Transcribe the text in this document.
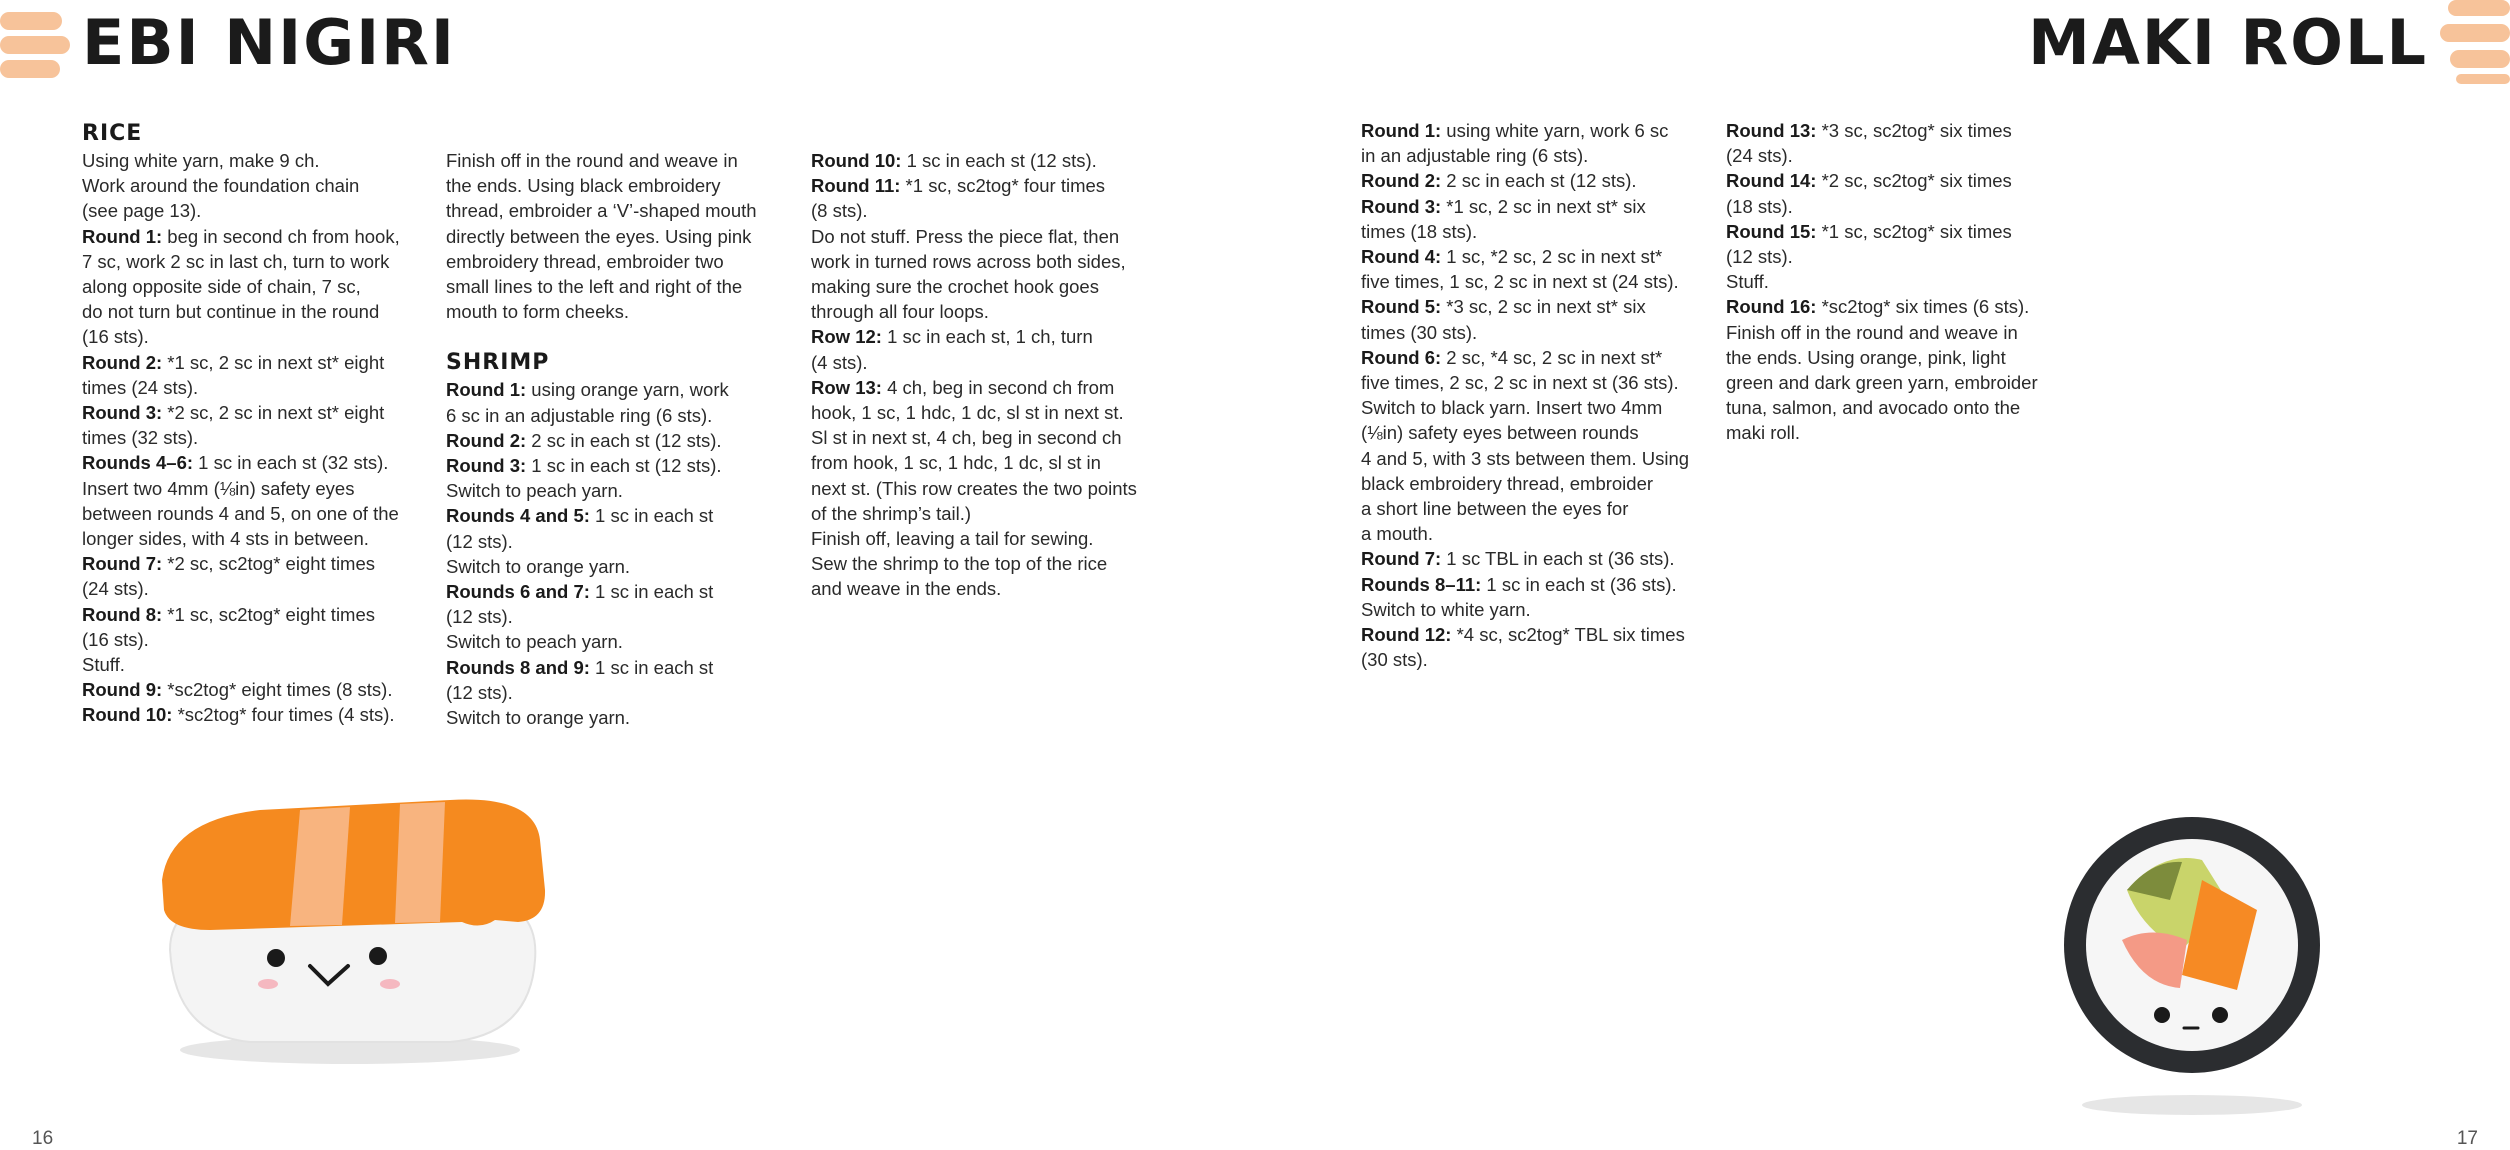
EBI NIGIRI	MAKI ROLL

RICE

Using white yarn, make 9 ch.

Work around the foundation chain

(see page 13).

Round 1: beg in second ch from hook,

7 sc, work 2 sc in last ch, turn to work

along opposite side of chain, 7 sc,

do not turn but continue in the round

(16 sts).

Round 2: *1 sc, 2 sc in next st* eight

times (24 sts).

Round 3: *2 sc, 2 sc in next st* eight

times (32 sts).

Rounds 4–6: 1 sc in each st (32 sts).

Insert two 4mm (⅛in) safety eyes

between rounds 4 and 5, on one of the

longer sides, with 4 sts in between.

Round 7: *2 sc, sc2tog* eight times

(24 sts).

Round 8: *1 sc, sc2tog* eight times

(16 sts).

Stuff.

Round 9: *sc2tog* eight times (8 sts).

Round 10: *sc2tog* four times (4 sts).

Finish off in the round and weave in

the ends. Using black embroidery

thread, embroider a ‘V’-shaped mouth

directly between the eyes. Using pink

embroidery thread, embroider two

small lines to the left and right of the

mouth to form cheeks.

SHRIMP

Round 1: using orange yarn, work

6 sc in an adjustable ring (6 sts).

Round 2: 2 sc in each st (12 sts).

Round 3: 1 sc in each st (12 sts).

Switch to peach yarn.

Rounds 4 and 5: 1 sc in each st

(12 sts).

Switch to orange yarn.

Rounds 6 and 7: 1 sc in each st

(12 sts).

Switch to peach yarn.

Rounds 8 and 9: 1 sc in each st

(12 sts).

Switch to orange yarn.

Round 10: 1 sc in each st (12 sts).

Round 11: *1 sc, sc2tog* four times

(8 sts).

Do not stuff. Press the piece flat, then

work in turned rows across both sides,

making sure the crochet hook goes

through all four loops.

Row 12: 1 sc in each st, 1 ch, turn

(4 sts).

Row 13: 4 ch, beg in second ch from

hook, 1 sc, 1 hdc, 1 dc, sl st in next st.

Sl st in next st, 4 ch, beg in second ch

from hook, 1 sc, 1 hdc, 1 dc, sl st in

next st. (This row creates the two points

of the shrimp’s tail.)

Finish off, leaving a tail for sewing.

Sew the shrimp to the top of the rice

and weave in the ends.

Round 1: using white yarn, work 6 sc

in an adjustable ring (6 sts).

Round 2: 2 sc in each st (12 sts).

Round 3: *1 sc, 2 sc in next st* six

times (18 sts).

Round 4: 1 sc, *2 sc, 2 sc in next st*

five times, 1 sc, 2 sc in next st (24 sts).

Round 5: *3 sc, 2 sc in next st* six

times (30 sts).

Round 6: 2 sc, *4 sc, 2 sc in next st*

five times, 2 sc, 2 sc in next st (36 sts).

Switch to black yarn. Insert two 4mm

(⅛in) safety eyes between rounds

4 and 5, with 3 sts between them. Using

black embroidery thread, embroider

a short line between the eyes for

a mouth.

Round 7: 1 sc TBL in each st (36 sts).

Rounds 8–11: 1 sc in each st (36 sts).

Switch to white yarn.

Round 12: *4 sc, sc2tog* TBL six times

(30 sts).

Round 13: *3 sc, sc2tog* six times

(24 sts).

Round 14: *2 sc, sc2tog* six times

(18 sts).

Round 15: *1 sc, sc2tog* six times

(12 sts).

Stuff.

Round 16: *sc2tog* six times (6 sts).

Finish off in the round and weave in

the ends. Using orange, pink, light

green and dark green yarn, embroider

tuna, salmon, and avocado onto the

maki roll.

16	17
